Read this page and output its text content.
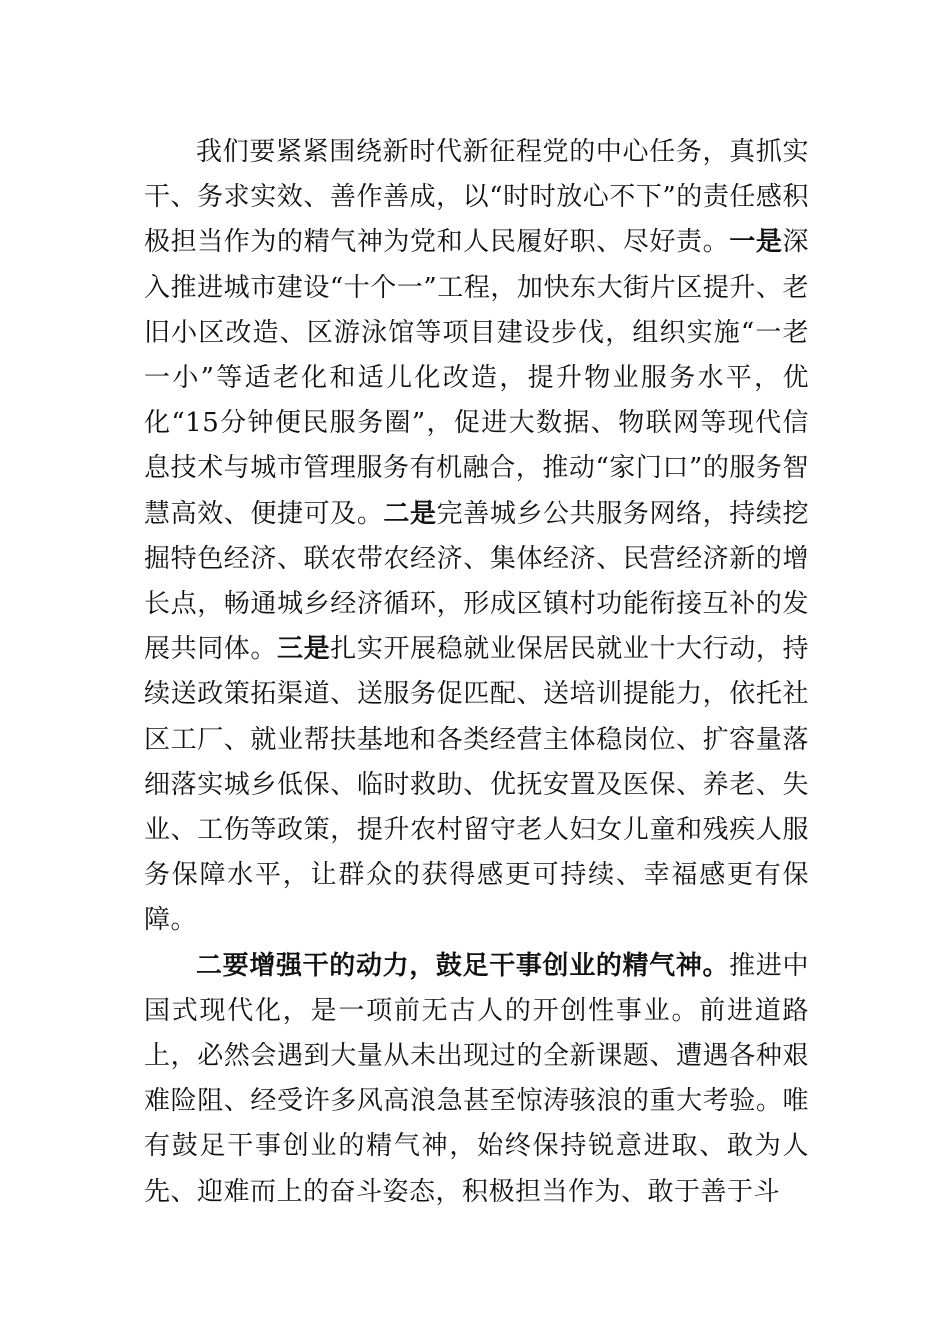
我们要紧紧围绕新时代新征程党的中心任务，真抓实干、务求实效、善作善成，以“时时放心不下”的责任感积极担当作为的精气神为党和人民履好职、尽好责。一是深入推进城市建设“十个一”工程，加快东大街片区提升、老旧小区改造、区游泳馆等项目建设步伐，组织实施“一老一小”等适老化和适儿化改造，提升物业服务水平，优化“15分钟便民服务圈”，促进大数据、物联网等现代信息技术与城市管理服务有机融合，推动“家门口”的服务智慧高效、便捷可及。二是完善城乡公共服务网络，持续挖掘特色经济、联农带农经济、集体经济、民营经济新的增长点，畅通城乡经济循环，形成区镇村功能衔接互补的发展共同体。三是扎实开展稳就业保居民就业十大行动，持续送政策拓渠道、送服务促匹配、送培训提能力，依托社区工厂、就业帮扶基地和各类经营主体稳岗位、扩容量落细落实城乡低保、临时救助、优抚安置及医保、养老、失业、工伤等政策，提升农村留守老人妇女儿童和残疾人服务保障水平，让群众的获得感更可持续、幸福感更有保障。

二要增强干的动力，鼓足干事创业的精气神。推进中国式现代化，是一项前无古人的开创性事业。前进道路上，必然会遇到大量从未出现过的全新课题、遭遇各种艰难险阻、经受许多风高浪急甚至惊涛骇浪的重大考验。唯有鼓足干事创业的精气神，始终保持锐意进取、敢为人先、迎难而上的奋斗姿态，积极担当作为、敢于善于斗
